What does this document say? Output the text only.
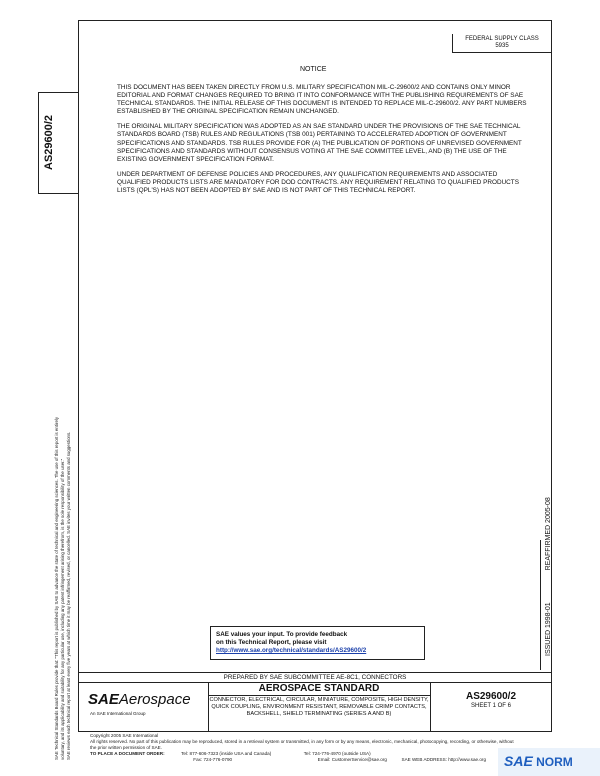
AS29600/2
FEDERAL SUPPLY CLASS
5935
NOTICE

THIS DOCUMENT HAS BEEN TAKEN DIRECTLY FROM U.S. MILITARY SPECIFICATION MIL-C-29600/2 AND CONTAINS ONLY MINOR EDITORIAL AND FORMAT CHANGES REQUIRED TO BRING IT INTO CONFORMANCE WITH THE PUBLISHING REQUIREMENTS OF SAE TECHNICAL STANDARDS. THE INITIAL RELEASE OF THIS DOCUMENT IS INTENDED TO REPLACE MIL-C-29600/2. ANY PART NUMBERS ESTABLISHED BY THE ORIGINAL SPECIFICATION REMAIN UNCHANGED.

THE ORIGINAL MILITARY SPECIFICATION WAS ADOPTED AS AN SAE STANDARD UNDER THE PROVISIONS OF THE SAE TECHNICAL STANDARDS BOARD (TSB) RULES AND REGULATIONS (TSB 001) PERTAINING TO ACCELERATED ADOPTION OF GOVERNMENT SPECIFICATIONS AND STANDARDS. TSB RULES PROVIDE FOR (A) THE PUBLICATION OF PORTIONS OF UNREVISED GOVERNMENT SPECIFICATIONS AND STANDARDS WITHOUT CONSENSUS VOTING AT THE SAE COMMITTEE LEVEL, AND (B) THE USE OF THE EXISTING GOVERNMENT SPECIFICATION FORMAT.

UNDER DEPARTMENT OF DEFENSE POLICIES AND PROCEDURES, ANY QUALIFICATION REQUIREMENTS AND ASSOCIATED QUALIFIED PRODUCTS LISTS ARE MANDATORY FOR DOD CONTRACTS. ANY REQUIREMENT RELATING TO QUALIFIED PRODUCTS LISTS (QPL'S) HAS NOT BEEN ADOPTED BY SAE AND IS NOT PART OF THIS TECHNICAL REPORT.

SAE Technical Standards Board Rules provide that: "This report is published by SAE to advance the state of technical and engineering sciences. The use of this report is entirely voluntary, and its applicability and suitability for any particular use, including any patent infringement arising therefrom, is the sole responsibility of the user." SAE reviews each technical report at least every five years at which time it may be reaffirmed, revised, or cancelled. SAE invites your written comments and suggestions.	ISSUED 1998-01  REAFFIRMED 2005-08
SAE values your input. To provide feedback
on this Technical Report, please visit
http://www.sae.org/technical/standards/AS29600/2
PREPARED BY SAE SUBCOMMITTEE AE-8C1, CONNECTORS
SAEAerospace
An SAE International Group
AEROSPACE STANDARD
CONNECTOR, ELECTRICAL, CIRCULAR, MINIATURE, COMPOSITE, HIGH DENSITY, QUICK COUPLING, ENVIRONMENT RESISTANT, REMOVABLE CRIMP CONTACTS, BACKSHELL, SHIELD TERMINATING (SERIES A AND B)
AS29600/2
SHEET 1 OF 6
Copyright 2005 SAE International
All rights reserved. No part of this publication may be reproduced, stored in a retrieval system or transmitted, in any form or by any means, electronic, mechanical, photocopying, recording, or otherwise, without the prior written permission of SAE.
TO PLACE A DOCUMENT ORDER:	Tel: 877-606-7323 (inside USA and Canada)	Tel: 724-776-4970 (outside USA)
Fax: 724-776-0790	Email: CustomerService@sae.org	SAE WEB ADDRESS: http://www.sae.org	SAE NORM
